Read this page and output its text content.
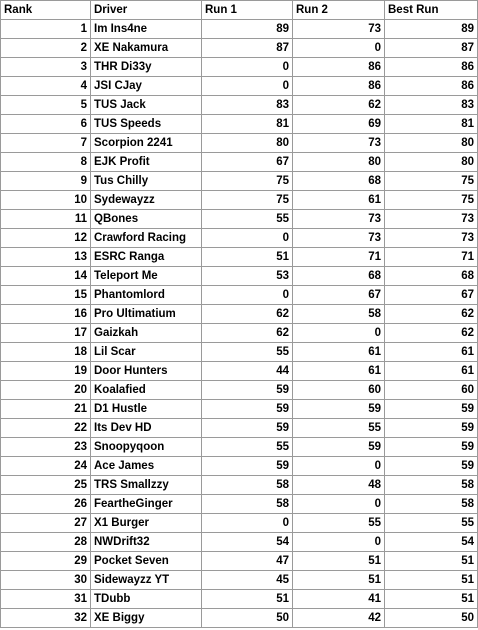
Rank	Driver	Run 1	Run 2	Best Run
1	Im Ins4ne	89	73	89
2	XE Nakamura	87	0	87
3	THR Di33y	0	86	86
4	JSI CJay	0	86	86
5	TUS Jack	83	62	83
6	TUS Speeds	81	69	81
7	Scorpion 2241	80	73	80
8	EJK Profit	67	80	80
9	Tus Chilly	75	68	75
10	Sydewayzz	75	61	75
11	QBones	55	73	73
12	Crawford Racing	0	73	73
13	ESRC Ranga	51	71	71
14	Teleport Me	53	68	68
15	Phantomlord	0	67	67
16	Pro Ultimatium	62	58	62
17	Gaizkah	62	0	62
18	Lil Scar	55	61	61
19	Door Hunters	44	61	61
20	Koalafied	59	60	60
21	D1 Hustle	59	59	59
22	Its Dev HD	59	55	59
23	Snoopyqoon	55	59	59
24	Ace James	59	0	59
25	TRS Smallzzy	58	48	58
26	FeartheGinger	58	0	58
27	X1 Burger	0	55	55
28	NWDrift32	54	0	54
29	Pocket Seven	47	51	51
30	Sidewayzz YT	45	51	51
31	TDubb	51	41	51
32	XE Biggy	50	42	50
